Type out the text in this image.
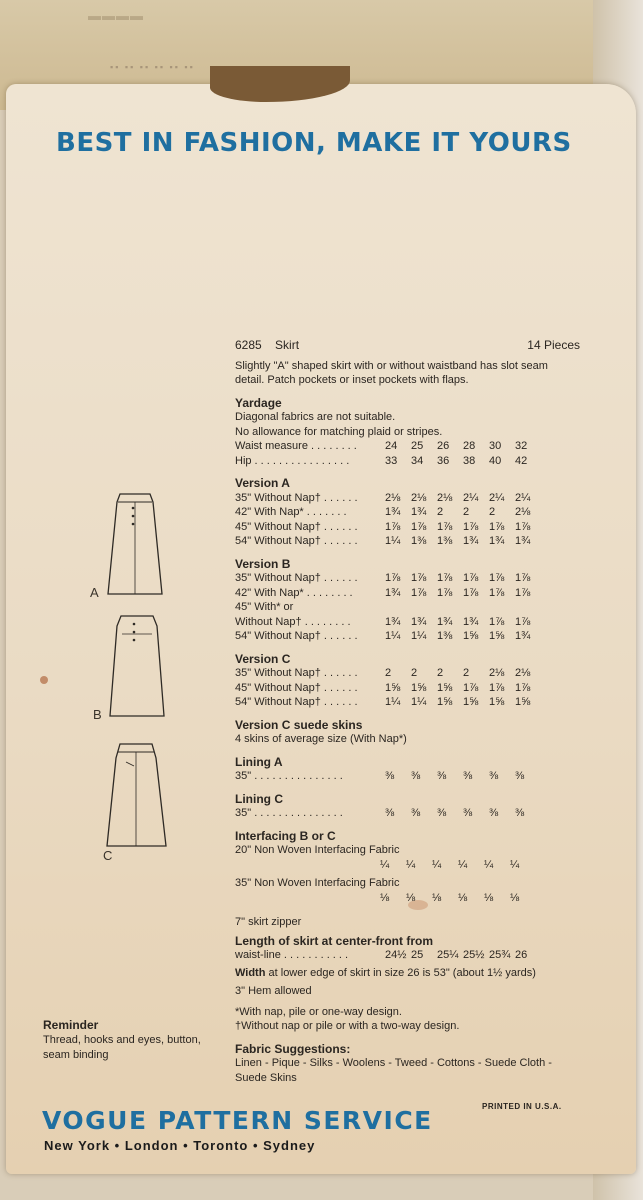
▬▬▬▬
▪▪ ▪▪ ▪▪ ▪▪ ▪▪ ▪▪
BEST IN FASHION, MAKE IT YOURS
A
B
C
6285 Skirt	14 Pieces
Slightly "A" shaped skirt with or without waistband has slot seam detail. Patch pockets or inset pockets with flaps.
Yardage
Diagonal fabrics are not suitable.
No allowance for matching plaid or stripes.
Waist measure . . . . . . . .	24	25	26	28	30	32
Hip . . . . . . . . . . . . . . . .	33	34	36	38	40	42
Version A
35" Without Nap† . . . . . .	2⅛ 2⅛ 2⅛ 2¼ 2¼ 2¼
42" With Nap* . . . . . . .	1¾ 1¾ 2	2	2	2⅛
45" Without Nap† . . . . . .	1⅞ 1⅞ 1⅞ 1⅞ 1⅞ 1⅞
54" Without Nap† . . . . . .	1¼ 1⅜ 1⅜ 1¾ 1¾ 1¾
Version B
35" Without Nap† . . . . . .	1⅞ 1⅞ 1⅞ 1⅞ 1⅞ 1⅞
42" With Nap* . . . . . . . .	1¾ 1⅞ 1⅞ 1⅞ 1⅞ 1⅞
45" With* or
Without Nap† . . . . . . . .	1¾ 1¾ 1¾ 1¾ 1⅞ 1⅞
54" Without Nap† . . . . . .	1¼ 1¼ 1⅜ 1⅝ 1⅝ 1¾
Version C
35" Without Nap† . . . . . .	2	2	2	2	2⅛ 2⅛
45" Without Nap† . . . . . .	1⅝ 1⅝ 1⅝ 1⅞ 1⅞ 1⅞
54" Without Nap† . . . . . .	1¼ 1¼ 1⅝ 1⅝ 1⅝ 1⅝
Version C suede skins
4 skins of average size (With Nap*)
Lining A
35" . . . . . . . . . . . . . . .	⅜	⅜	⅜	⅜	⅜	⅜
Lining C
35" . . . . . . . . . . . . . . .	⅜	⅜	⅜	⅜	⅜	⅜
Interfacing B or C
20" Non Woven Interfacing Fabric
¼	¼	¼	¼	¼	¼
35" Non Woven Interfacing Fabric
⅛	⅛	⅛	⅛	⅛	⅛
7" skirt zipper
Length of skirt at center-front from
waist-line . . . . . . . . . . .	24½ 25	25¼ 25½ 25¾ 26
Width at lower edge of skirt in size 26 is 53" (about 1½ yards)
3" Hem allowed
*With nap, pile or one-way design.
†Without nap or pile or with a two-way design.
Fabric Suggestions:
Linen - Pique - Silks - Woolens - Tweed - Cottons - Suede Cloth - Suede Skins
Reminder
Thread, hooks and eyes, button, seam binding
PRINTED IN U.S.A.
VOGUE PATTERN SERVICE
New York • London • Toronto • Sydney
